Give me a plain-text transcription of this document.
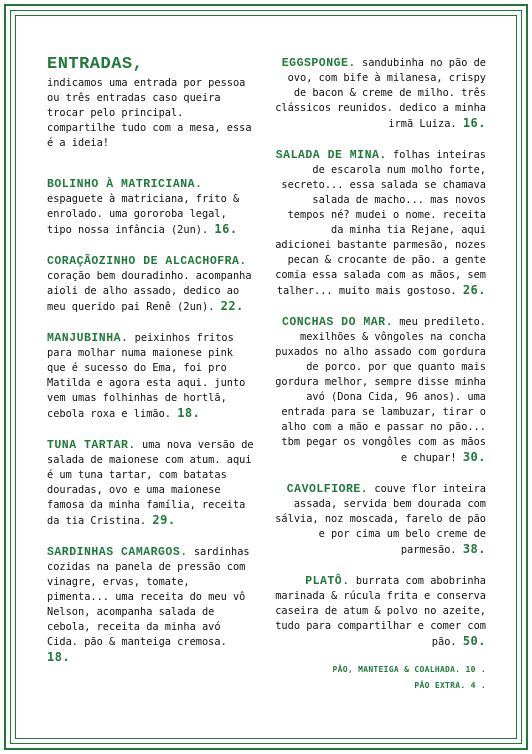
ENTRADAS,
indicamos uma entrada por pessoa ou três entradas caso queira trocar pelo principal. compartilhe tudo com a mesa, essa é a ideia!
BOLINHO À MATRICIANA. espaguete à matriciana, frito & enrolado. uma gororoba legal, tipo nossa infância (2un). 16.
CORAÇÃOZINHO DE ALCACHOFRA. coração bem douradinho. acompanha aioli de alho assado, dedico ao meu querido pai Renê (2un). 22.
MANJUBINHA. peixinhos fritos para molhar numa maionese pink que é sucesso do Ema, foi pro Matilda e agora esta aqui. junto vem umas folhinhas de hortlã, cebola roxa e limão. 18.
TUNA TARTAR. uma nova versão de salada de maionese com atum. aqui é um tuna tartar, com batatas douradas, ovo e uma maionese famosa da minha família, receita da tia Cristina. 29.
SARDINHAS CAMARGOS. sardinhas cozidas na panela de pressão com vinagre, ervas, tomate, pimenta... uma receita do meu vô Nelson, acompanha salada de cebola, receita da minha avó Cida. pão & manteiga cremosa. 18.
EGGSPONGE. sandubinha no pão de ovo, com bife à milanesa, crispy de bacon & creme de milho. três clássicos reunidos. dedico a minha irmã Luiza. 16.
SALADA DE MINA. folhas inteiras de escarola num molho forte, secreto... essa salada se chamava salada de macho... mas novos tempos né? mudei o nome. receita da minha tia Rejane, aqui adicionei bastante parmesão, nozes pecan & crocante de pão. a gente comia essa salada com as mãos, sem talher... muito mais gostoso. 26.
CONCHAS DO MAR. meu predileto. mexilhões & vôngoles na concha puxados no alho assado com gordura de porco. por que quanto mais gordura melhor, sempre disse minha avó (Dona Cida, 96 anos). uma entrada para se lambuzar, tirar o alho com a mão e passar no pão... tbm pegar os vongôles com as mãos e chupar! 30.
CAVOLFIORE. couve flor inteira assada, servida bem dourada com sálvia, noz moscada, farelo de pão e por cima um belo creme de parmesão. 38.
PLATÔ. burrata com abobrinha marinada & rúcula frita e conserva caseira de atum & polvo no azeite, tudo para compartilhar e comer com pão. 50.
PÃO, MANTEIGA & COALHADA. 10 .
PÃO EXTRA. 4 .
